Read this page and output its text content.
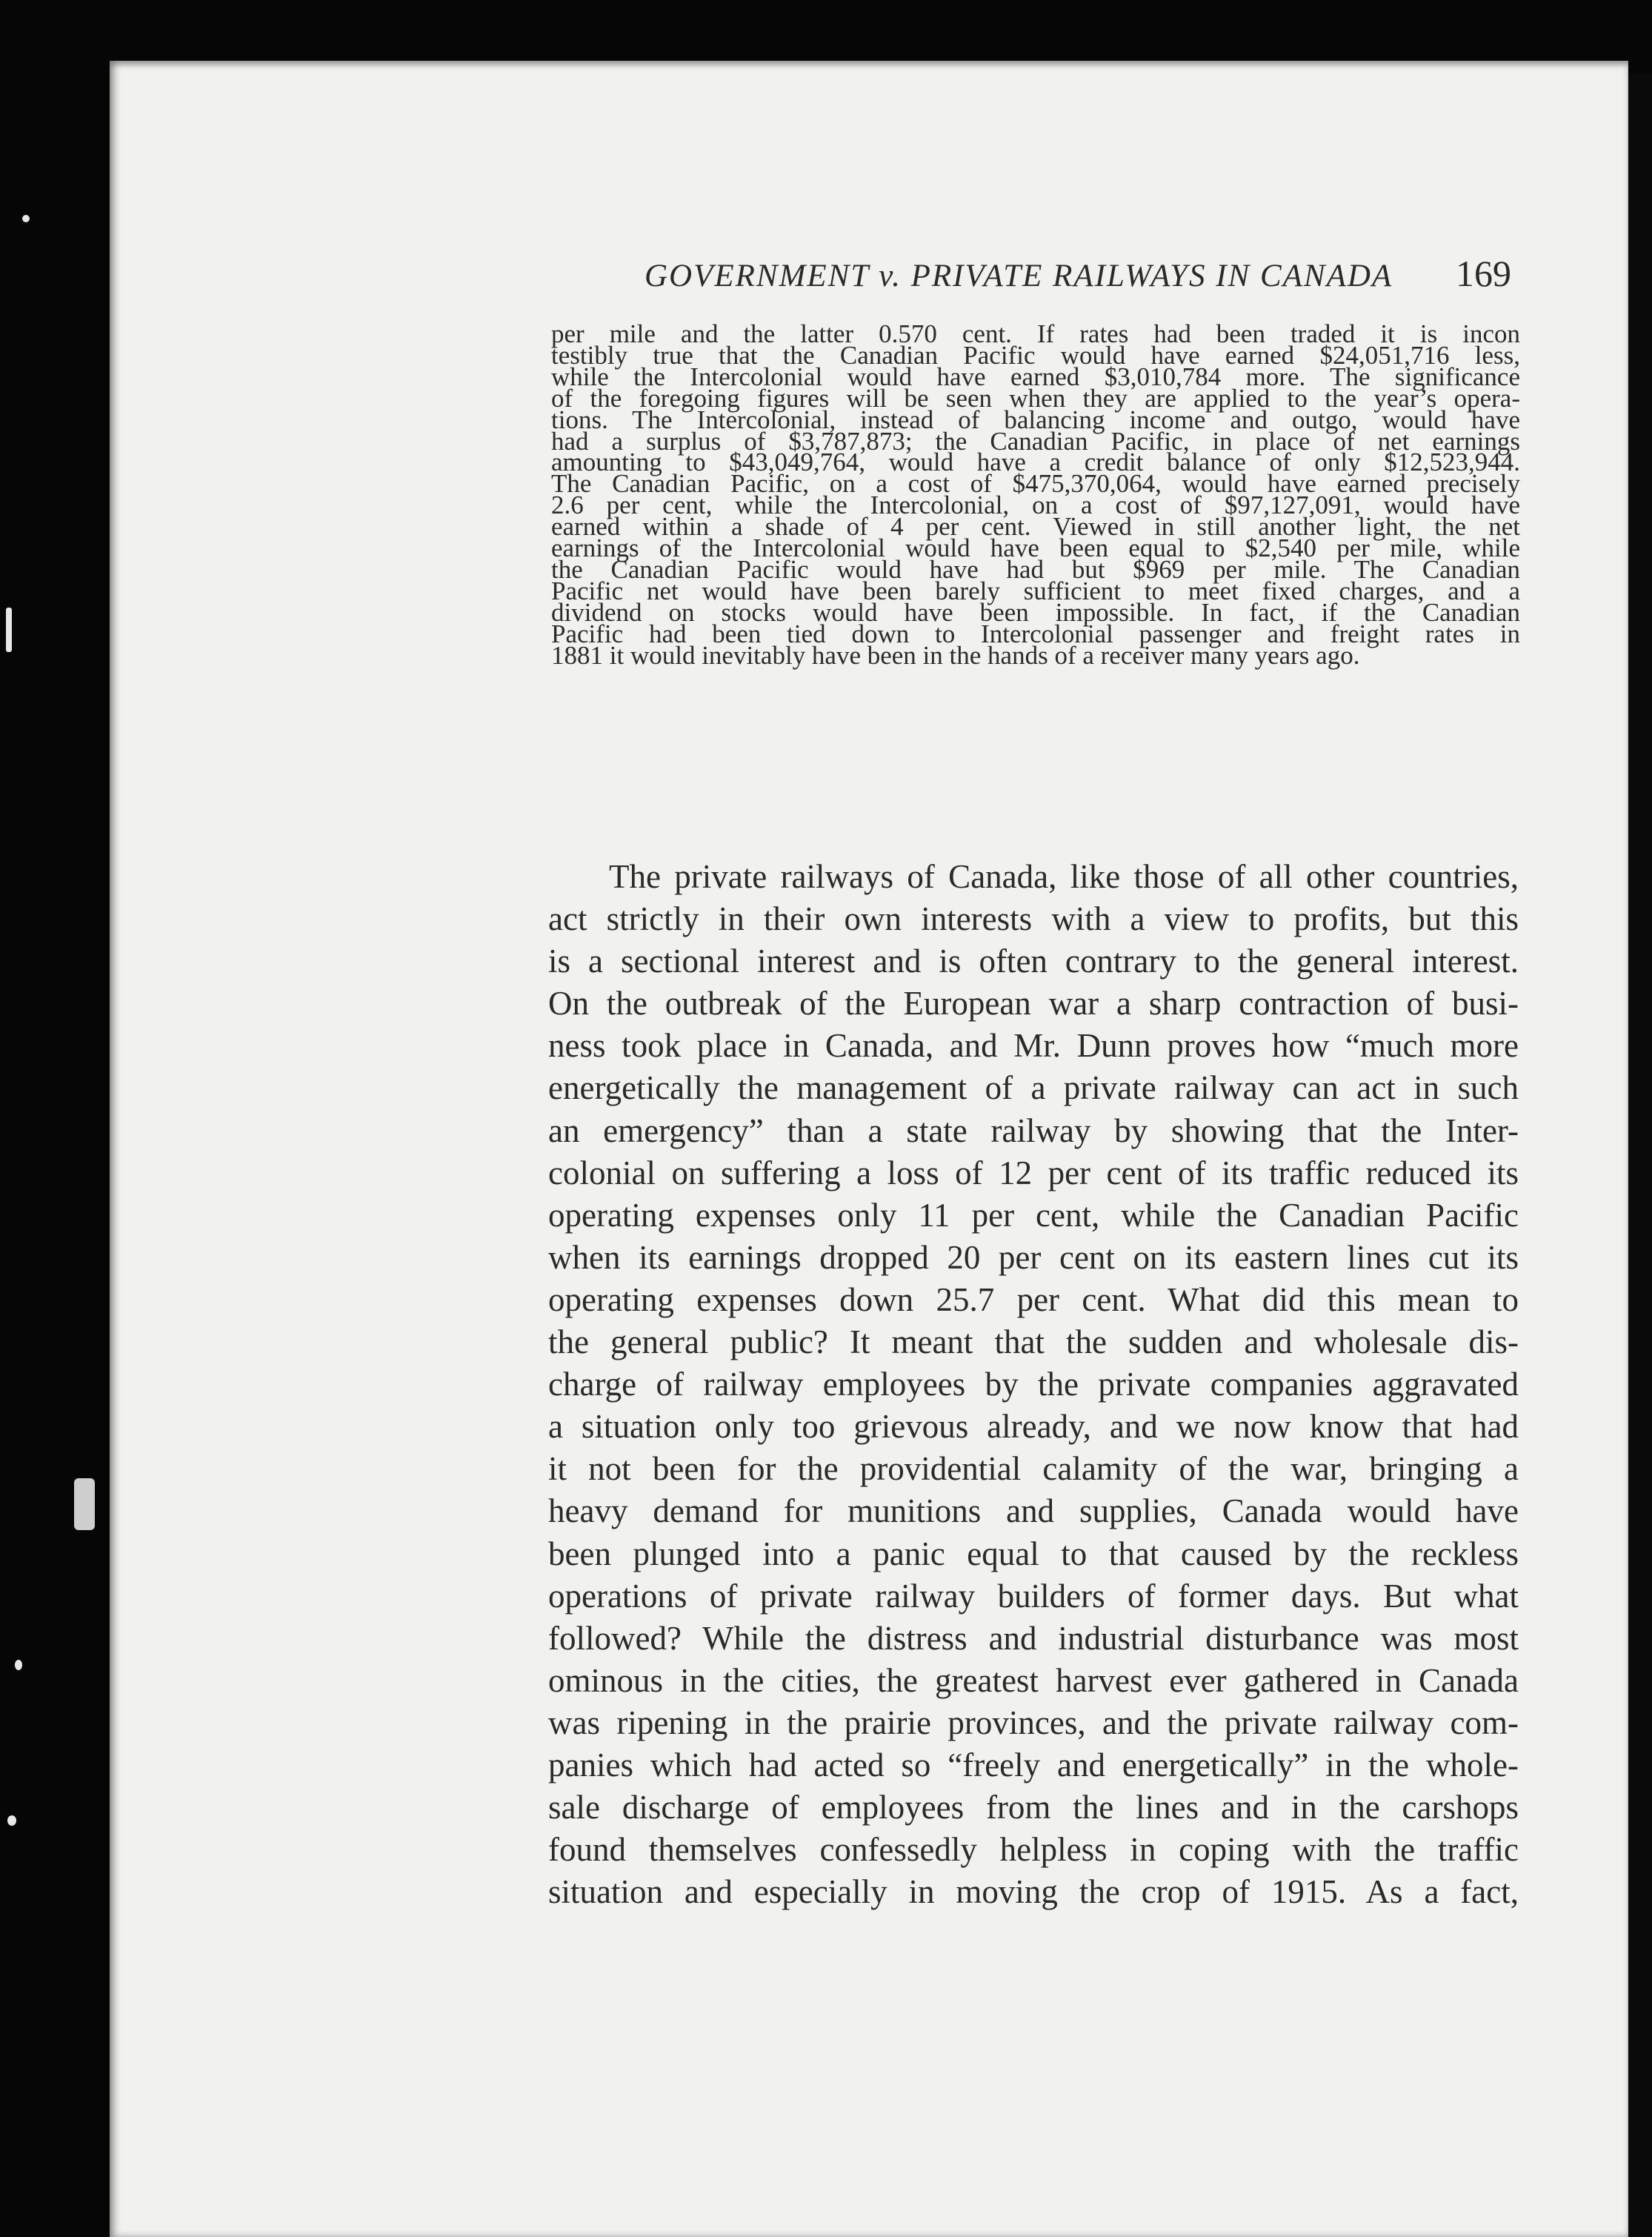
GOVERNMENT v. PRIVATE RAILWAYS IN CANADA 169
per mile and the latter 0.570 cent. If rates had been traded it is incon
testibly true that the Canadian Pacific would have earned $24,051,716 less,
while the Intercolonial would have earned $3,010,784 more. The significance
of the foregoing figures will be seen when they are applied to the year’s opera-
tions. The Intercolonial, instead of balancing income and outgo, would have
had a surplus of $3,787,873; the Canadian Pacific, in place of net earnings
amounting to $43,049,764, would have a credit balance of only $12,523,944.
The Canadian Pacific, on a cost of $475,370,064, would have earned precisely
2.6 per cent, while the Intercolonial, on a cost of $97,127,091, would have
earned within a shade of 4 per cent. Viewed in still another light, the net
earnings of the Intercolonial would have been equal to $2,540 per mile, while
the Canadian Pacific would have had but $969 per mile. The Canadian
Pacific net would have been barely sufficient to meet fixed charges, and a
dividend on stocks would have been impossible. In fact, if the Canadian
Pacific had been tied down to Intercolonial passenger and freight rates in
1881 it would inevitably have been in the hands of a receiver many years ago.
The private railways of Canada, like those of all other countries,
act strictly in their own interests with a view to profits, but this
is a sectional interest and is often contrary to the general interest.
On the outbreak of the European war a sharp contraction of busi-
ness took place in Canada, and Mr. Dunn proves how “much more
energetically the management of a private railway can act in such
an emergency” than a state railway by showing that the Inter-
colonial on suffering a loss of 12 per cent of its traffic reduced its
operating expenses only 11 per cent, while the Canadian Pacific
when its earnings dropped 20 per cent on its eastern lines cut its
operating expenses down 25.7 per cent. What did this mean to
the general public? It meant that the sudden and wholesale dis-
charge of railway employees by the private companies aggravated
a situation only too grievous already, and we now know that had
it not been for the providential calamity of the war, bringing a
heavy demand for munitions and supplies, Canada would have
been plunged into a panic equal to that caused by the reckless
operations of private railway builders of former days. But what
followed? While the distress and industrial disturbance was most
ominous in the cities, the greatest harvest ever gathered in Canada
was ripening in the prairie provinces, and the private railway com-
panies which had acted so “freely and energetically” in the whole-
sale discharge of employees from the lines and in the carshops
found themselves confessedly helpless in coping with the traffic
situation and especially in moving the crop of 1915. As a fact,
